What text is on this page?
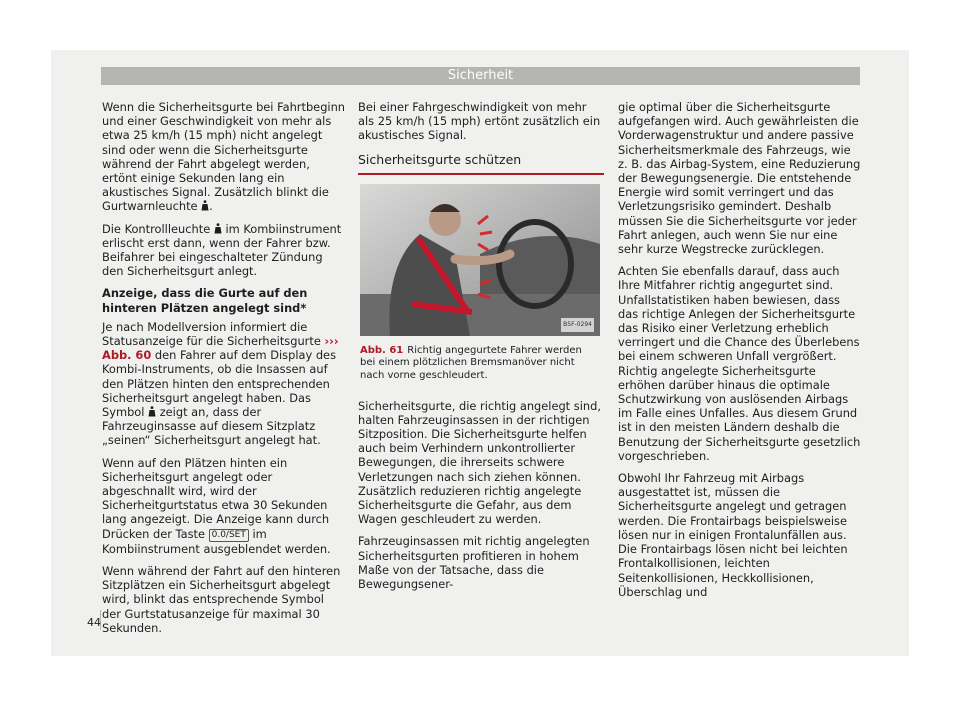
Sicherheit

Wenn die Sicherheitsgurte bei Fahrtbeginn und einer Geschwindigkeit von mehr als etwa 25 km/h (15 mph) nicht angelegt sind oder wenn die Sicherheitsgurte während der Fahrt abgelegt werden, ertönt einige Sekunden lang ein akustisches Signal. Zusätzlich blinkt die Gurtwarnleuchte .

Die Kontrollleuchte im Kombiinstrument erlischt erst dann, wenn der Fahrer bzw. Beifahrer bei eingeschalteter Zündung den Sicherheitsgurt anlegt.

Anzeige, dass die Gurte auf den hinteren Plätzen angelegt sind*

Je nach Modellversion informiert die Statusanzeige für die Sicherheitsgurte ››› Abb. 60 den Fahrer auf dem Display des Kombi-Instruments, ob die Insassen auf den Plätzen hinten den entsprechenden Sicherheitsgurt angelegt haben. Das Symbol zeigt an, dass der Fahrzeuginsasse auf diesem Sitzplatz „seinen“ Sicherheitsgurt angelegt hat.

Wenn auf den Plätzen hinten ein Sicherheitsgurt angelegt oder abgeschnallt wird, wird der Sicherheitgurtstatus etwa 30 Sekunden lang angezeigt. Die Anzeige kann durch Drücken der Taste 0.0/SET im Kombiinstrument ausgeblendet werden.

Wenn während der Fahrt auf den hinteren Sitzplätzen ein Sicherheitsgurt abgelegt wird, blinkt das entsprechende Symbol der Gurtstatusanzeige für maximal 30 Sekunden.

Bei einer Fahrgeschwindigkeit von mehr als 25 km/h (15 mph) ertönt zusätzlich ein akustisches Signal.

Sicherheitsgurte schützen
B5F-0294
Abb. 61 Richtig angegurtete Fahrer werden bei einem plötzlichen Bremsmanöver nicht nach vorne geschleudert.

Sicherheitsgurte, die richtig angelegt sind, halten Fahrzeuginsassen in der richtigen Sitzposition. Die Sicherheitsgurte helfen auch beim Verhindern unkontrollierter Bewegungen, die ihrerseits schwere Verletzungen nach sich ziehen können. Zusätzlich reduzieren richtig angelegte Sicherheitsgurte die Gefahr, aus dem Wagen geschleudert zu werden.

Fahrzeuginsassen mit richtig angelegten Sicherheitsgurten profitieren in hohem Maße von der Tatsache, dass die Bewegungsener-

gie optimal über die Sicherheitsgurte aufgefangen wird. Auch gewährleisten die Vorderwagenstruktur und andere passive Sicherheitsmerkmale des Fahrzeugs, wie z. B. das Airbag-System, eine Reduzierung der Bewegungsenergie. Die entstehende Energie wird somit verringert und das Verletzungsrisiko gemindert. Deshalb müssen Sie die Sicherheitsgurte vor jeder Fahrt anlegen, auch wenn Sie nur eine sehr kurze Wegstrecke zurücklegen.

Achten Sie ebenfalls darauf, dass auch Ihre Mitfahrer richtig angegurtet sind. Unfallstatistiken haben bewiesen, dass das richtige Anlegen der Sicherheitsgurte das Risiko einer Verletzung erheblich verringert und die Chance des Überlebens bei einem schweren Unfall vergrößert. Richtig angelegte Sicherheitsgurte erhöhen darüber hinaus die optimale Schutzwirkung von auslösenden Airbags im Falle eines Unfalles. Aus diesem Grund ist in den meisten Ländern deshalb die Benutzung der Sicherheitsgurte gesetzlich vorgeschrieben.

Obwohl Ihr Fahrzeug mit Airbags ausgestattet ist, müssen die Sicherheitsgurte angelegt und getragen werden. Die Frontairbags beispielsweise lösen nur in einigen Frontalunfällen aus. Die Frontairbags lösen nicht bei leichten Frontalkollisionen, leichten Seitenkollisionen, Heckkollisionen, Überschlag und

44
